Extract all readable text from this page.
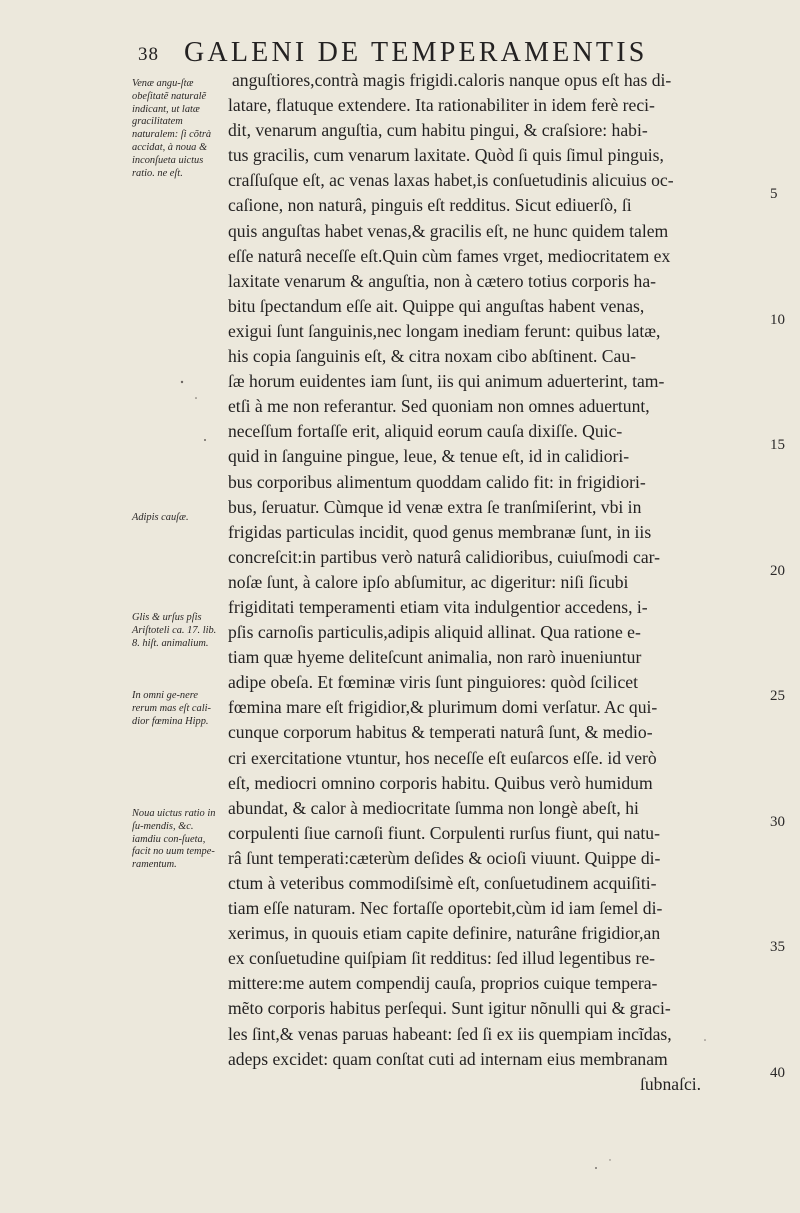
38 GALENI DE TEMPERAMENTIS
Venæ angu-ſtæ obeſitatẽ naturalẽ indicant, ut latæ gracilitatem naturalem: ſi cõtrà accidat, à noua & inconſueta uictus ratio. ne eſt.
Adipis cauſæ.
Glis & urſus pſis Ariſtoteli ca. 17. lib. 8. hiſt. animalium.
In omni ge-nere rerum mas eſt cali-dior fœmina Hipp.
Noua uictus ratio in ſu-mendis, &c. iamdiu con-ſueta, facit no uum tempe-ramentum.
anguſtiores,contrà magis frigidi.caloris nanque opus eſt has di-
latare, flatuque extendere. Ita rationabiliter in idem ferè reci-
dit, venarum anguſtia, cum habitu pingui, & craſsiore: habi-
tus gracilis, cum venarum laxitate. Quòd ſi quis ſimul pinguis,
craſſuſque eſt, ac venas laxas habet,is conſuetudinis alicuius oc-
caſione, non naturâ, pinguis eſt redditus. Sicut ediuerſò, ſi
quis anguſtas habet venas,& gracilis eſt, ne hunc quidem talem
eſſe naturâ neceſſe eſt.Quin cùm fames vrget, mediocritatem ex
laxitate venarum & anguſtia, non à cætero totius corporis ha-
bitu ſpectandum eſſe ait. Quippe qui anguſtas habent venas,
exigui ſunt ſanguinis,nec longam inediam ferunt: quibus latæ,
his copia ſanguinis eſt, & citra noxam cibo abſtinent. Cau-
ſæ horum euidentes iam ſunt, iis qui animum aduerterint, tam-
etſi à me non referantur. Sed quoniam non omnes aduertunt,
neceſſum fortaſſe erit, aliquid eorum cauſa dixiſſe. Quic-
quid in ſanguine pingue, leue, & tenue eſt, id in calidiori-
bus corporibus alimentum quoddam calido fit: in frigidiori-
bus, ſeruatur. Cùmque id venæ extra ſe tranſmiſerint, vbi in
frigidas particulas incidit, quod genus membranæ ſunt, in iis
concreſcit:in partibus verò naturâ calidioribus, cuiuſmodi car-
noſæ ſunt, à calore ipſo abſumitur, ac digeritur: niſi ſicubi
frigiditati temperamenti etiam vita indulgentior accedens, i-
pſis carnoſis particulis,adipis aliquid allinat. Qua ratione e-
tiam quæ hyeme delitеſcunt animalia, non rarò inueniuntur
adipe obeſa. Et fœminæ viris ſunt pinguiores: quòd ſcilicet
fœmina mare eſt frigidior,& plurimum domi verſatur. Ac qui-
cunque corporum habitus & temperati naturâ ſunt, & medio-
cri exercitatione vtuntur, hos neceſſe eſt euſarcos eſſe. id verò
eſt, mediocri omnino corporis habitu. Quibus verò humidum
abundat, & calor à mediocritate ſumma non longè abeſt, hi
corpulenti ſiue carnoſi fiunt. Corpulenti rurſus fiunt, qui natu-
râ ſunt temperati:cæterùm deſides & ocioſi viuunt. Quippe di-
ctum à veteribus commodiſsimè eſt, conſuetudinem acquiſiti-
tiam eſſe naturam. Nec fortaſſe oportebit,cùm id iam ſemel di-
xerimus, in quouis etiam capite definire, naturâne frigidior,an
ex conſuetudine quiſpiam ſit redditus: ſed illud legentibus re-
mittere:me autem compendij cauſa, proprios cuique tempera-
mẽto corporis habitus perſequi. Sunt igitur nõnulli qui & graci-
les ſint,& venas paruas habeant: ſed ſi ex iis quempiam incĩdas,
adeps excidet: quam conſtat cuti ad internam eius membranam
ſubnaſci.
5
10
15
20
25
30
35
40
